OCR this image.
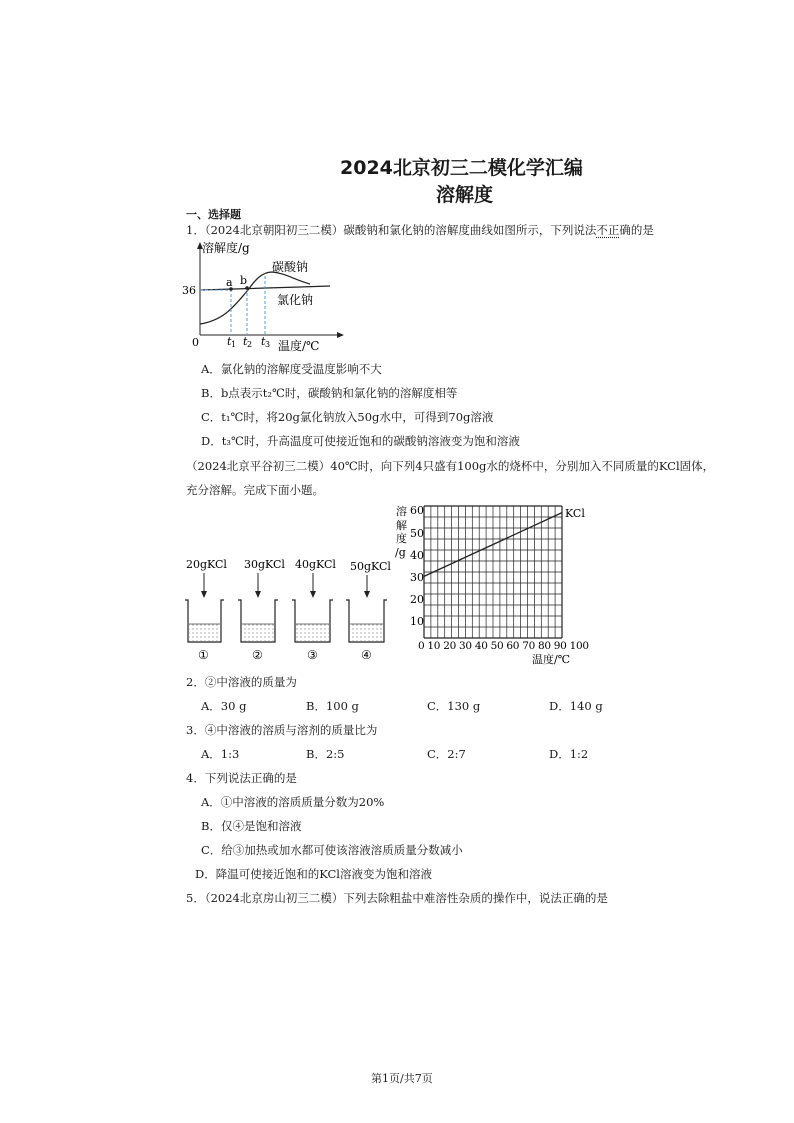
2024北京初三二模化学汇编
溶解度
一、选择题
1．（2024北京朝阳初三二模）碳酸钠和氯化钠的溶解度曲线如图所示，下列说法不正确的是
溶解度/g
36
0
a b
碳酸钠
氯化钠
t 1 t 2 t 3 温度/℃
A．氯化钠的溶解度受温度影响不大
B．b点表示t₂℃时，碳酸钠和氯化钠的溶解度相等
C．t₁℃时，将20g氯化钠放入50g水中，可得到70g溶液
D．t₃℃时，升高温度可使接近饱和的碳酸钠溶液变为饱和溶液
（2024北京平谷初三二模）40℃时，向下列4只盛有100g水的烧杯中，分别加入不同质量的KCl固体，
充分溶解。完成下面小题。
20gKCl
①
30gKCl
②
40gKCl
③
50gKCl
④
溶
解
度
/g
60
50
40
30
20
10
0 10 20 30 40 50 60 70 80 90 100
温度/℃
KCl
2．②中溶液的质量为
A．30 g	B．100 g	C．130 g	D．140 g
3．④中溶液的溶质与溶剂的质量比为
A．1:3	B．2:5	C．2:7	D．1:2
4．下列说法正确的是
A．①中溶液的溶质质量分数为20%
B．仅④是饱和溶液
C．给③加热或加水都可使该溶液溶质质量分数减小
D．降温可使接近饱和的KCl溶液变为饱和溶液
5．（2024北京房山初三二模）下列去除粗盐中难溶性杂质的操作中，说法正确的是
第1页/共7页
